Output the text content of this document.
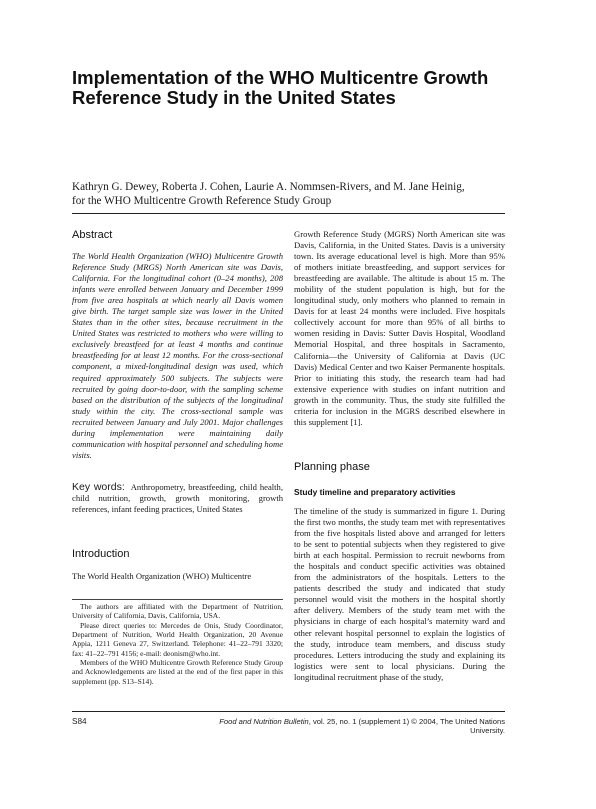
Implementation of the WHO Multicentre Growth Reference Study in the United States
Kathryn G. Dewey, Roberta J. Cohen, Laurie A. Nommsen-Rivers, and M. Jane Heinig,
for the WHO Multicentre Growth Reference Study Group
Abstract

The World Health Organization (WHO) Multicentre Growth Reference Study (MRGS) North American site was Davis, California. For the longitudinal cohort (0–24 months), 208 infants were enrolled between January and December 1999 from five area hospitals at which nearly all Davis women give birth. The target sample size was lower in the United States than in the other sites, because recruitment in the United States was restricted to mothers who were willing to exclusively breastfeed for at least 4 months and continue breastfeeding for at least 12 months. For the cross-sectional component, a mixed-longitudinal design was used, which required approximately 500 subjects. The subjects were recruited by going door-to-door, with the sampling scheme based on the distribution of the subjects of the longitudinal study within the city. The cross-sectional sample was recruited between January and July 2001. Major challenges during implementation were maintaining daily communication with hospital personnel and scheduling home visits.

Key words: Anthropometry, breastfeeding, child health, child nutrition, growth, growth monitoring, growth references, infant feeding practices, United States

Introduction

The World Health Organization (WHO) Multicentre

The authors are affiliated with the Department of Nutrition, University of California, Davis, California, USA.

Please direct queries to: Mercedes de Onis, Study Coordinator, Department of Nutrition, World Health Organization, 20 Avenue Appia, 1211 Geneva 27, Switzerland. Telephone: 41–22–791 3320; fax: 41–22–791 4156; e-mail: deonism@who.int.

Members of the WHO Multicentre Growth Reference Study Group and Acknowledgements are listed at the end of the first paper in this supplement (pp. S13–S14).

Growth Reference Study (MGRS) North American site was Davis, California, in the United States. Davis is a university town. Its average educational level is high. More than 95% of mothers initiate breastfeeding, and support services for breastfeeding are available. The altitude is about 15 m. The mobility of the student population is high, but for the longitudinal study, only mothers who planned to remain in Davis for at least 24 months were included. Five hospitals collectively account for more than 95% of all births to women residing in Davis: Sutter Davis Hospital, Woodland Memorial Hospital, and three hospitals in Sacramento, California—the University of California at Davis (UC Davis) Medical Center and two Kaiser Permanente hospitals. Prior to initiating this study, the research team had had extensive experience with studies on infant nutrition and growth in the community. Thus, the study site fulfilled the criteria for inclusion in the MGRS described elsewhere in this supplement [1].

Planning phase
Study timeline and preparatory activities

The timeline of the study is summarized in figure 1. During the first two months, the study team met with representatives from the five hospitals listed above and arranged for letters to be sent to potential subjects when they registered to give birth at each hospital. Permission to recruit newborns from the hospitals and conduct specific activities was obtained from the administrators of the hospitals. Letters to the patients described the study and indicated that study personnel would visit the mothers in the hospital shortly after delivery. Members of the study team met with the physicians in charge of each hospital’s maternity ward and other relevant hospital personnel to explain the logistics of the study, introduce team members, and discuss study procedures. Letters introducing the study and explaining its logistics were sent to local physicians. During the longitudinal recruitment phase of the study,

S84	Food and Nutrition Bulletin, vol. 25, no. 1 (supplement 1) © 2004, The United Nations University.
